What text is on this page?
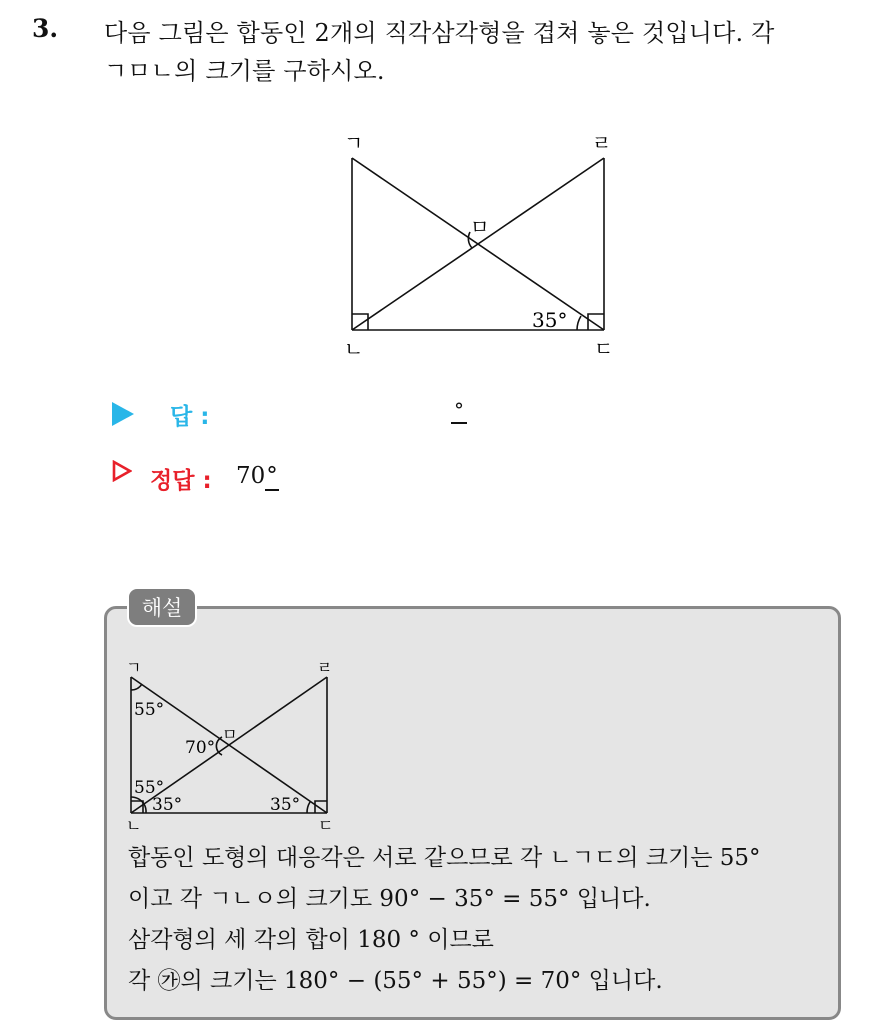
3. 다음 그림은 합동인 2개의 직각삼각형을 겹쳐 놓은 것입니다. 각
ㄱㅁㄴ의 크기를 구하시오.
ㄱ	ㄹ
ㅁ
ㄴ	ㄷ
35°
답 :	°
정답 : 70°
해설
ㄱ	ㄹ
ㅁ
ㄴ	ㄷ
55°
70°
55°
35°	35°
합동인 도형의 대응각은 서로 같으므로 각 ㄴㄱㄷ의 크기는 55°
이고 각 ㄱㄴㅇ의 크기도 90° − 35° = 55° 입니다.
삼각형의 세 각의 합이 180 ° 이므로
각 ㉮의 크기는 180° − (55° + 55°) = 70° 입니다.
